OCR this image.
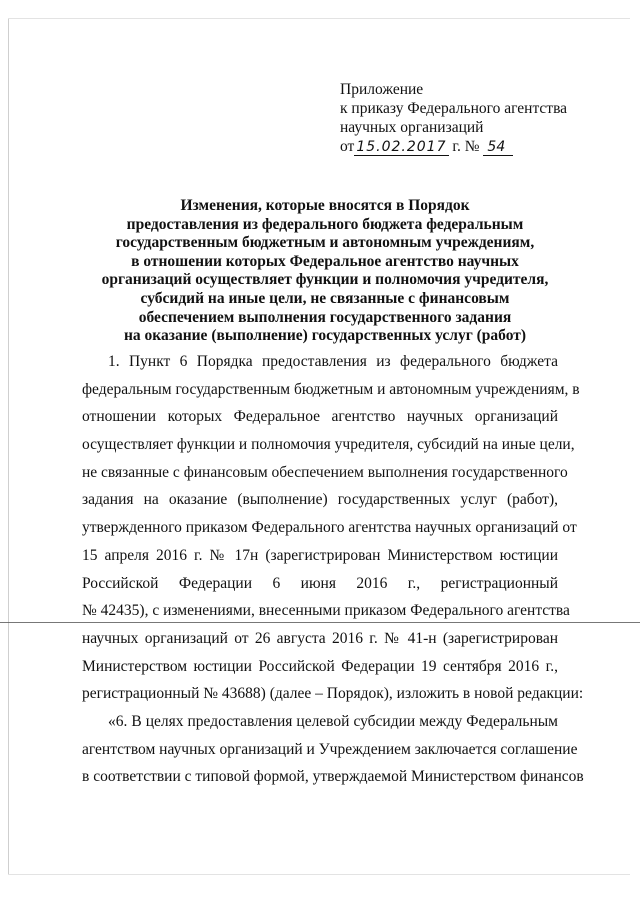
Приложение
к приказу Федерального агентства
научных организаций
от 15.02.2017 г. № 54
Изменения, которые вносятся в Порядок
предоставления из федерального бюджета федеральным
государственным бюджетным и автономным учреждениям,
в отношении которых Федеральное агентство научных
организаций осуществляет функции и полномочия учредителя,
субсидий на иные цели, не связанные с финансовым
обеспечением выполнения государственного задания
на оказание (выполнение) государственных услуг (работ)
1. Пункт 6 Порядка предоставления из федерального бюджета
федеральным государственным бюджетным и автономным учреждениям, в
отношении которых Федеральное агентство научных организаций
осуществляет функции и полномочия учредителя, субсидий на иные цели,
не связанные с финансовым обеспечением выполнения государственного
задания на оказание (выполнение) государственных услуг (работ),
утвержденного приказом Федерального агентства научных организаций от
15 апреля 2016 г. № 17н (зарегистрирован Министерством юстиции
Российской Федерации 6 июня 2016 г., регистрационный
№ 42435), с изменениями, внесенными приказом Федерального агентства
научных организаций от 26 августа 2016 г. № 41-н (зарегистрирован
Министерством юстиции Российской Федерации 19 сентября 2016 г.,
регистрационный № 43688) (далее – Порядок), изложить в новой редакции:
«6. В целях предоставления целевой субсидии между Федеральным
агентством научных организаций и Учреждением заключается соглашение
в соответствии с типовой формой, утверждаемой Министерством финансов
